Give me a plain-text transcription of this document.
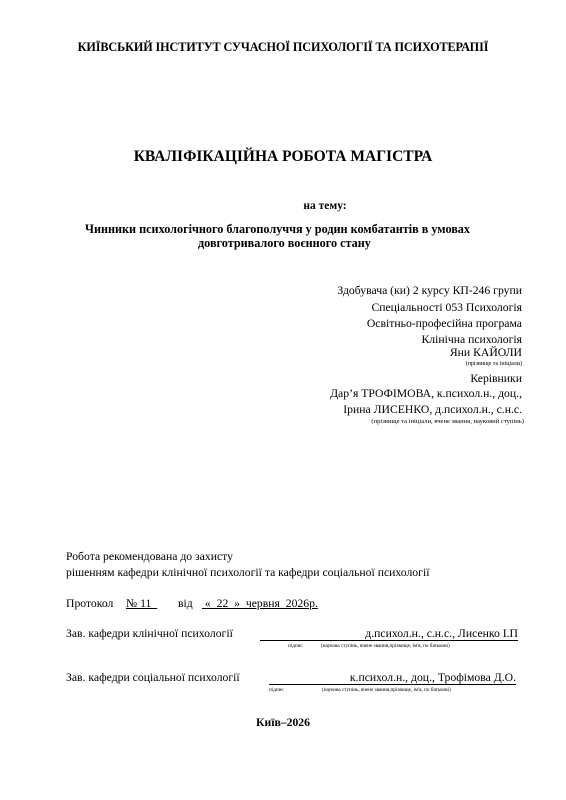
КИЇВСЬКИЙ ІНСТИТУТ СУЧАСНОЇ ПСИХОЛОГІЇ ТА ПСИХОТЕРАПІЇ
КВАЛІФІКАЦІЙНА РОБОТА МАГІСТРА
на тему:
Чинники психологічного благополуччя у родин комбатантів в умовах
довготривалого воєнного стану
Здобувача (ки) 2 курсу КП-246 групи
Спеціальності 053 Психологія
Освітньо-професійна програма
Клінічна психологія
Яни КАЙОЛИ
(прізвище та ініціали)
Керівники
Дар’я ТРОФІМОВА, к.психол.н., доц.,
Ірина ЛИСЕНКО, д.психол.н., с.н.с.
(прізвище та ініціали, вчене звання, науковий ступінь)
Робота рекомендована до захисту
рішенням кафедри клінічної психології та кафедри соціальної психології
Протокол № 11 від «  22  »  червня  2026р.
Зав. кафедри клінічної психології	д.психол.н., с.н.с., Лисенко І.П
підпис	(наукова ступінь, вчене звання,прізвище, ім'я, по батькові)
Зав. кафедри соціальної психології	к.психол.н., доц., Трофімова Д.О.
підпис	(наукова ступінь, вчене звання,прізвище, ім'я, по батькові)
Київ–2026
